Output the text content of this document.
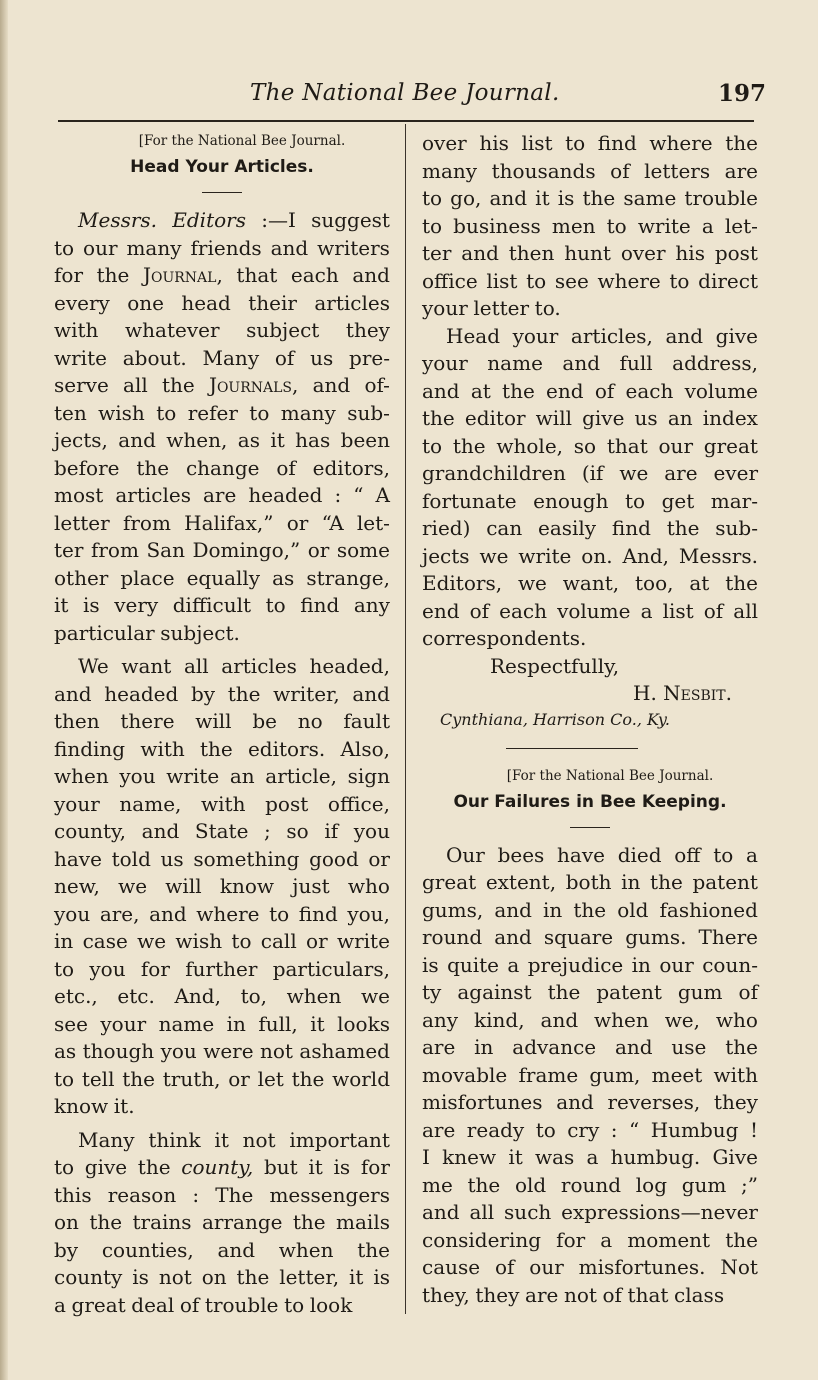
The National Bee Journal.	197
[For the National Bee Journal.
Head Your Articles.
Messrs. Editors :—I suggest
to our many friends and writers
for the Journal, that each and
every one head their articles
with whatever subject they
write about. Many of us pre-
serve all the Journals, and of-
ten wish to refer to many sub-
jects, and when, as it has been
before the change of editors,
most articles are headed : “ A
letter from Halifax,” or “A let-
ter from San Domingo,” or some
other place equally as strange,
it is very difficult to find any
particular subject.
We want all articles headed,
and headed by the writer, and
then there will be no fault
finding with the editors. Also,
when you write an article, sign
your name, with post office,
county, and State ; so if you
have told us something good or
new, we will know just who
you are, and where to find you,
in case we wish to call or write
to you for further particulars,
etc., etc. And, to, when we
see your name in full, it looks
as though you were not ashamed
to tell the truth, or let the world
know it.
Many think it not important
to give the county, but it is for
this reason : The messengers
on the trains arrange the mails
by counties, and when the
county is not on the letter, it is
a great deal of trouble to look
over his list to find where the
many thousands of letters are
to go, and it is the same trouble
to business men to write a let-
ter and then hunt over his post
office list to see where to direct
your letter to.
Head your articles, and give
your name and full address,
and at the end of each volume
the editor will give us an index
to the whole, so that our great
grandchildren (if we are ever
fortunate enough to get mar-
ried) can easily find the sub-
jects we write on. And, Messrs.
Editors, we want, too, at the
end of each volume a list of all
correspondents.
Respectfully,
H. Nesbit.
Cynthiana, Harrison Co., Ky.
[For the National Bee Journal.
Our Failures in Bee Keeping.
Our bees have died off to a
great extent, both in the patent
gums, and in the old fashioned
round and square gums. There
is quite a prejudice in our coun-
ty against the patent gum of
any kind, and when we, who
are in advance and use the
movable frame gum, meet with
misfortunes and reverses, they
are ready to cry : “ Humbug !
I knew it was a humbug. Give
me the old round log gum ;”
and all such expressions—never
considering for a moment the
cause of our misfortunes. Not
they, they are not of that class
